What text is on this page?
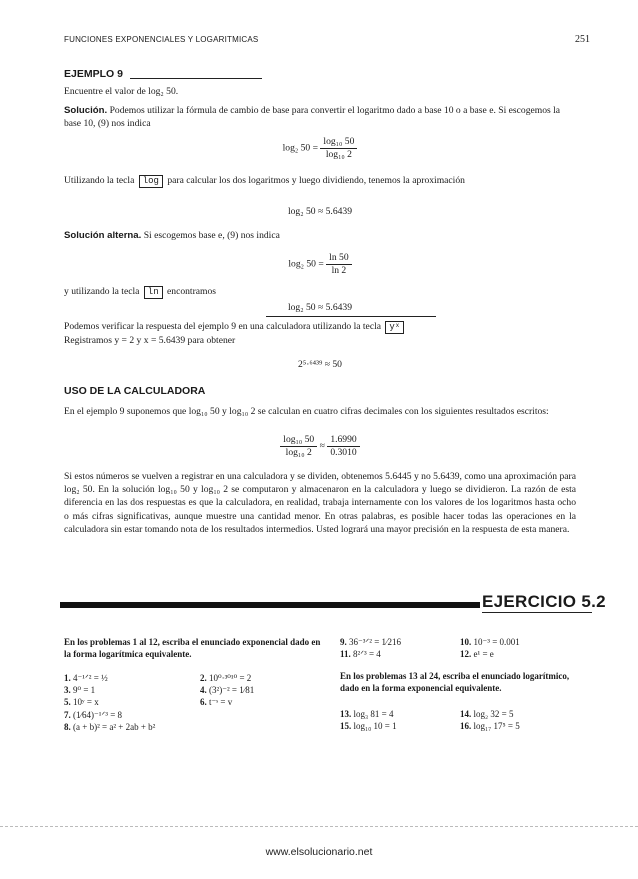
FUNCIONES EXPONENCIALES Y LOGARITMICAS	251
EJEMPLO 9
Encuentre el valor de log₂ 50.
Solución. Podemos utilizar la fórmula de cambio de base para convertir el logaritmo dado a base 10 o a base e. Si escogemos la base 10, (9) nos indica
log₂ $50 = \frac{\text{log₁₀ 50}}{\text{log₁₀ 2}}$
Utilizando la tecla log para calcular los dos logaritmos y luego dividiendo, tenemos la aproximación
log₂ 50 ≈ 5.6439
Solución alterna. Si escogemos base e, (9) nos indica
log₂ $50 = \frac{\ln 50}{\ln 2}$
y utilizando la tecla ln encontramos
log₂ 50 ≈ 5.6439
Podemos verificar la respuesta del ejemplo 9 en una calculadora utilizando la tecla yˣ
Registramos y = 2 y x = 5.6439 para obtener
2⁵·⁶⁴³⁹ ≈ 50
USO DE LA CALCULADORA
En el ejemplo 9 suponemos que log₁₀ 50 y log₁₀ 2 se calculan en cuatro cifras decimales con los siguientes resultados escritos:
$\frac{\text{log₁₀ 50}}{\text{log₁₀ 2}} \approx \frac{1.6990}{0.3010}$
Si estos números se vuelven a registrar en una calculadora y se dividen, obtenemos 5.6445 y no 5.6439, como una aproximación para log₂ 50. En la solución log₁₀ 50 y log₁₀ 2 se computaron y almacenaron en la calculadora y luego se dividieron. La razón de esta diferencia en las dos respuestas es que la calculadora, en realidad, trabaja internamente con los valores de los logaritmos hasta ocho o más cifras significativas, aunque muestre una cantidad menor. En otras palabras, es posible hacer todas las operaciones en la calculadora sin estar tomando nota de los resultados intermedios. Usted logrará una mayor precisión en la respuesta de esta manera.
EJERCICIO 5.2
En los problemas 1 al 12, escriba el enunciado exponencial dado en la forma logarítmica equivalente.
9. 36⁻³ᐟ² = 1⁄216
11. 8²ᐟ³ = 4
10. 10⁻³ = 0.001
12. e¹ = e
1. 4⁻¹ᐟ² = ½
3. 9⁰ = 1
5. 10ʸ = x
7. (1⁄64)⁻¹ᐟ³ = 8
8. (a + b)² = a² + 2ab + b²
2. 10⁰·³⁰¹⁰ = 2
4. (3²)⁻² = 1⁄81
6. t⁻ˢ = v
En los problemas 13 al 24, escriba el enunciado logarítmico, dado en la forma exponencial equivalente.
13. log₃ 81 = 4
15. log₁₀ 10 = 1
14. log₂ 32 = 5
16. log₁₇ 17⁵ = 5
www.elsolucionario.net
